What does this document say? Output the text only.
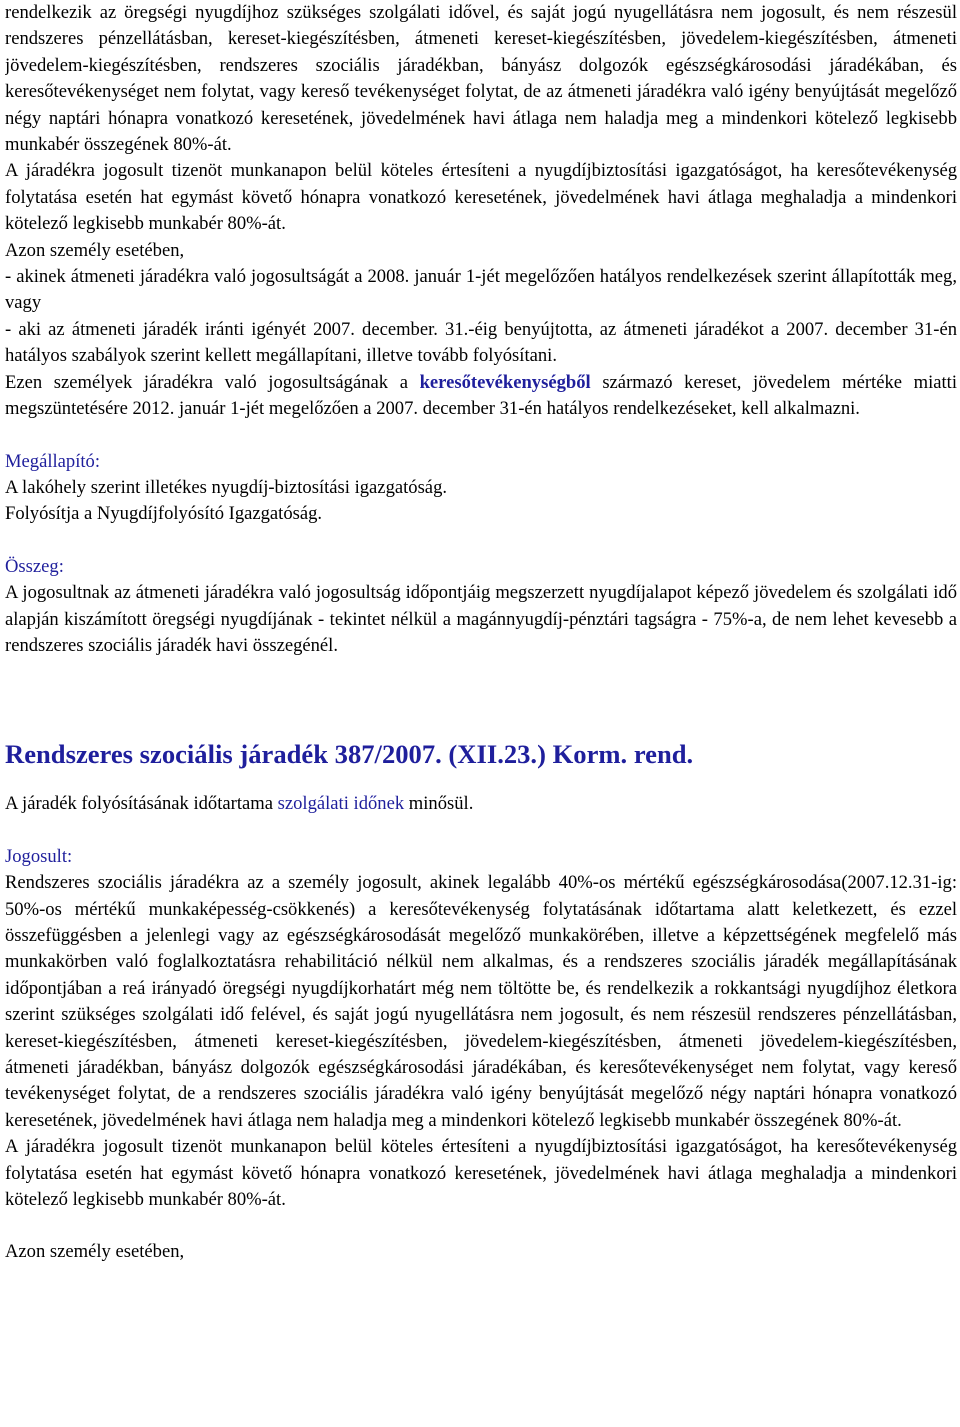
rendelkezik az öregségi nyugdíjhoz szükséges szolgálati idővel, és saját jogú nyugellátásra nem jogosult, és nem részesül rendszeres pénzellátásban, kereset-kiegészítésben, átmeneti kereset-kiegészítésben, jövedelem-kiegészítésben, átmeneti jövedelem-kiegészítésben, rendszeres szociális járadékban, bányász dolgozók egészségkárosodási járadékában, és keresőtevékenységet nem folytat, vagy kereső tevékenységet folytat, de az átmeneti járadékra való igény benyújtását megelőző négy naptári hónapra vonatkozó keresetének, jövedelmének havi átlaga nem haladja meg a mindenkori kötelező legkisebb munkabér összegének 80%-át.

A járadékra jogosult tizenöt munkanapon belül köteles értesíteni a nyugdíjbiztosítási igazgatóságot, ha keresőtevékenység folytatása esetén hat egymást követő hónapra vonatkozó keresetének, jövedelmének havi átlaga meghaladja a mindenkori kötelező legkisebb munkabér 80%-át.

Azon személy esetében,

- akinek átmeneti járadékra való jogosultságát a 2008. január 1-jét megelőzően hatályos rendelkezések szerint állapították meg, vagy

- aki az átmeneti járadék iránti igényét 2007. december. 31.-éig benyújtotta, az átmeneti járadékot a 2007. december 31-én hatályos szabályok szerint kellett megállapítani, illetve tovább folyósítani.

Ezen személyek járadékra való jogosultságának a keresőtevékenységből származó kereset, jövedelem mértéke miatti megszüntetésére 2012. január 1-jét megelőzően a 2007. december 31-én hatályos rendelkezéseket, kell alkalmazni.

Megállapító:

A lakóhely szerint illetékes nyugdíj-biztosítási igazgatóság.

Folyósítja a Nyugdíjfolyósító Igazgatóság.

Összeg:

A jogosultnak az átmeneti járadékra való jogosultság időpontjáig megszerzett nyugdíjalapot képező jövedelem és szolgálati idő alapján kiszámított öregségi nyugdíjának - tekintet nélkül a magánnyugdíj-pénztári tagságra - 75%-a, de nem lehet kevesebb a rendszeres szociális járadék havi összegénél.

Rendszeres szociális járadék 387/2007. (XII.23.) Korm. rend.

A járadék folyósításának időtartama szolgálati időnek minősül.

Jogosult:

Rendszeres szociális járadékra az a személy jogosult, akinek legalább 40%-os mértékű egészségkárosodása(2007.12.31-ig: 50%-os mértékű munkaképesség-csökkenés) a keresőtevékenység folytatásának időtartama alatt keletkezett, és ezzel összefüggésben a jelenlegi vagy az egészségkárosodását megelőző munkakörében, illetve a képzettségének megfelelő más munkakörben való foglalkoztatásra rehabilitáció nélkül nem alkalmas, és a rendszeres szociális járadék megállapításának időpontjában a reá irányadó öregségi nyugdíjkorhatárt még nem töltötte be, és rendelkezik a rokkantsági nyugdíjhoz életkora szerint szükséges szolgálati idő felével, és saját jogú nyugellátásra nem jogosult, és nem részesül rendszeres pénzellátásban, kereset-kiegészítésben, átmeneti kereset-kiegészítésben, jövedelem-kiegészítésben, átmeneti jövedelem-kiegészítésben, átmeneti járadékban, bányász dolgozók egészségkárosodási járadékában, és keresőtevékenységet nem folytat, vagy kereső tevékenységet folytat, de a rendszeres szociális járadékra való igény benyújtását megelőző négy naptári hónapra vonatkozó keresetének, jövedelmének havi átlaga nem haladja meg a mindenkori kötelező legkisebb munkabér összegének 80%-át.

A járadékra jogosult tizenöt munkanapon belül köteles értesíteni a nyugdíjbiztosítási igazgatóságot, ha keresőtevékenység folytatása esetén hat egymást követő hónapra vonatkozó keresetének, jövedelmének havi átlaga meghaladja a mindenkori kötelező legkisebb munkabér 80%-át.

Azon személy esetében,
